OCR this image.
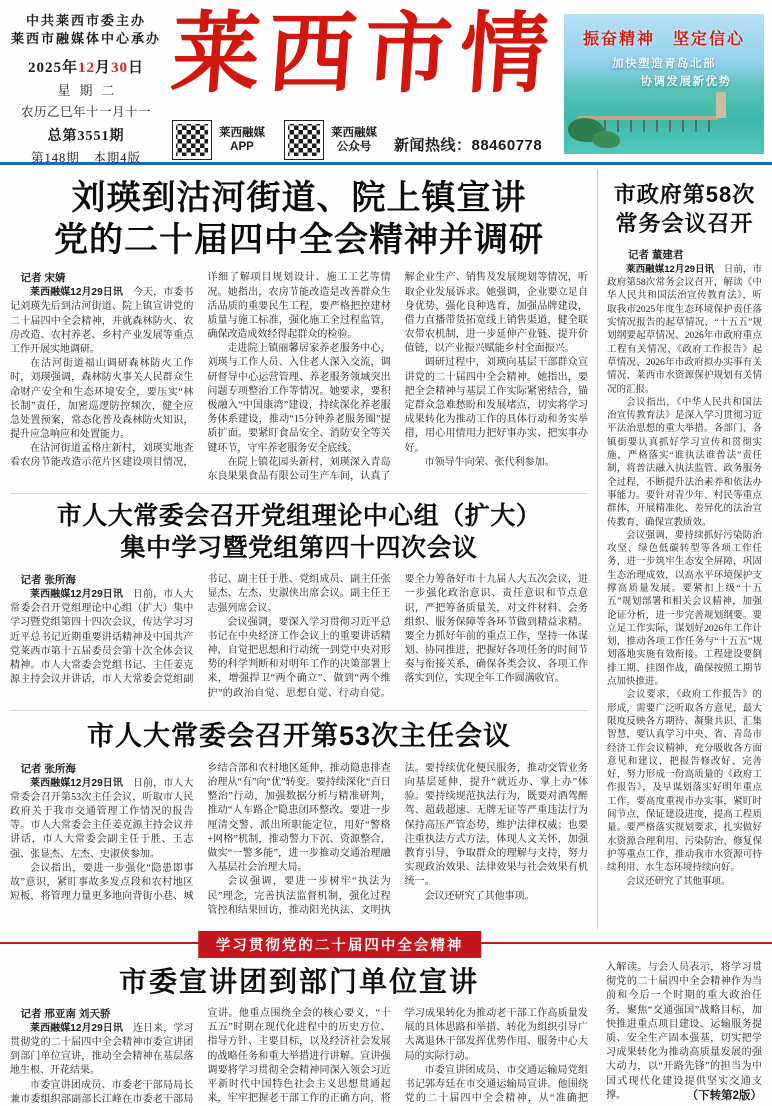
中共莱西市委主办
莱西市融媒体中心承办
2025年12月30日
星期二
农历乙巳年十一月十一
总第3551期
第148期　本期4版
莱西市情
莱西融媒
APP
莱西融媒
公众号	新闻热线：88460778
振奋精神　坚定信心
加快塑造青岛北部
协调发展新优势
刘瑛到沽河街道、院上镇宣讲
党的二十届四中全会精神并调研

记者 宋婧

莱西融媒12月29日讯　今天，市委书记刘瑛先后到沽河街道、院上镇宣讲党的二十届四中全会精神，并就森林防火、农房改造、农村养老、乡村产业发展等重点工作开展实地调研。

在沽河街道福山调研森林防火工作时，刘瑛强调，森林防火事关人民群众生命财产安全和生态环境安全，要压实“林长制”责任，加密巡逻防控频次，健全应急处置预案，常态化普及森林防火知识，提升应急响应和处置能力。

在沽河街道孟格庄新村，刘瑛实地查看农房节能改造示范片区建设项目情况，详细了解项目规划设计、施工工艺等情况。她指出，农房节能改造是改善群众生活品质的重要民生工程，要严格把控建材质量与施工标准，强化施工全过程监管，确保改造成效经得起群众的检验。

走进院上镇丽馨居家养老服务中心，刘瑛与工作人员、入住老人深入交流，调研督导中心运营管理、养老服务领域突出问题专项整治工作等情况。她要求，要积极融入“中国康湾”建设，持续深化养老服务体系建设，推动“15分钟养老服务圈”提质扩面。要紧盯食品安全、消防安全等关键环节，守牢养老服务安全底线。

在院上镇花园头新村，刘瑛深入青岛东良果果食品有限公司生产车间，认真了解企业生产、销售及发展规划等情况，听取企业发展诉求。她强调，企业要立足自身优势，强化良种选育，加强品牌建设，借力直播带货拓宽线上销售渠道，健全联农带农机制，进一步延伸产业链、提升价值链，以产业振兴赋能乡村全面振兴。

调研过程中，刘瑛向基层干部群众宣讲党的二十届四中全会精神。她指出，要把全会精神与基层工作实际紧密结合，锚定群众急难愁盼和发展堵点，切实将学习成果转化为推动工作的具体行动和务实举措，用心用情用力把好事办实、把实事办好。

市领导牛向荣、张代利参加。

市人大常委会召开党组理论中心组（扩大）
集中学习暨党组第四十四次会议

记者 张所海

莱西融媒12月29日讯　日前，市人大常委会召开党组理论中心组（扩大）集中学习暨党组第四十四次会议，传达学习习近平总书记近期重要讲话精神及中国共产党莱西市第十五届委员会第十次全体会议精神。市人大常委会党组书记、主任姜克源主持会议并讲话，市人大常委会党组副书记、副主任于胜、党组成员、副主任张显杰、左杰、史淑侠出席会议。副主任王志强列席会议。

会议强调，要深入学习贯彻习近平总书记在中央经济工作会议上的重要讲话精神，自觉把思想和行动统一到党中央对形势的科学判断和对明年工作的决策部署上来，增强捍卫“两个确立”、做到“两个维护”的政治自觉、思想自觉、行动自觉。要全力筹备好市十九届人大五次会议，进一步强化政治意识、责任意识和节点意识，严把筹备质量关，对文件材料、会务组织、服务保障等各环节做到精益求精。要全力抓好年前的重点工作，坚持一体谋划、协同推进，把握好各项任务的时间节奏与衔接关系，确保各类会议、各项工作落实到位，实现全年工作圆满收官。

市人大常委会召开第53次主任会议

记者 张所海

莱西融媒12月29日讯　日前，市人大常委会召开第53次主任会议，听取市人民政府关于我市交通管理工作情况的报告等。市人大常委会主任姜克源主持会议并讲话，市人大常委会副主任于胜、王志强、张显杰、左杰、史淑侠参加。

会议指出，要进一步强化“隐患即事故”意识，紧盯事故多发点段和农村地区短板，将管理力量更多地向背街小巷、城乡结合部和农村地区延伸，推动隐患排查治理从“有”向“优”转变。要持续深化“百日整治”行动，加强数据分析与精准研判，推动“人车路企”隐患闭环整改。要进一步厘清交警、派出所职能定位，用好“警格+网格”机制，推动警力下沉、资源整合，做实“一警多能”，进一步推动交通治理融入基层社会治理大局。

会议强调，要进一步树牢“执法为民”理念，完善执法监督机制，强化过程管控和结果回访，推动阳光执法、文明执法。要持续优化便民服务，推动交管业务向基层延伸，提升“就近办、掌上办”体验。要持续规范执法行为，既要对酒驾醉驾、超载超速、无牌无证等严重违法行为保持高压严管态势，维护法律权威；也要注重执法方式方法，体现人文关怀，加强教育引导，争取群众的理解与支持，努力实现政治效果、法律效果与社会效果有机统一。

会议还研究了其他事项。

市政府第58次
常务会议召开

记者 董建君

莱西融媒12月29日讯　日前，市政府第58次常务会议召开，解读《中华人民共和国法治宣传教育法》，听取我市2025年度生态环境保护责任落实情况报告的起草情况、“十五五”规划纲要起草情况、2026年市政府重点工程有关情况、《政府工作报告》起草情况、2026年市政府拟办实事有关情况、莱西市水资源保护规划有关情况的汇报。

会议指出，《中华人民共和国法治宣传教育法》是深入学习贯彻习近平法治思想的重大举措。各部门、各镇街要认真抓好学习宣传和贯彻实施，严格落实“谁执法谁普法”责任制，将普法融入执法监管、政务服务全过程，不断提升法治素养和依法办事能力。要针对青少年、村民等重点群体，开展精准化、差异化的法治宣传教育，确保宣教质效。

会议强调，要持续抓好污染防治攻坚、绿色低碳转型等各项工作任务，进一步筑牢生态安全屏障，巩固生态治理成效，以高水平环境保护支撑高质量发展。要紧扣上级“十五五”规划部署和相关会议精神，加强论证分析，进一步完善规划纲要。要立足工作实际，谋划好2026年工作计划，推动各项工作任务与“十五五”规划落地实施有效衔接。工程建设要倒排工期、挂图作战，确保按照工期节点加快推进。

会议要求，《政府工作报告》的形成，需要广泛听取各方意见，最大限度反映各方期待、凝聚共识、汇集智慧，要认真学习中央、省、青岛市经济工作会议精神，充分吸收各方面意见和建议，把报告修改好、完善好，努力形成一份高质量的《政府工作报告》，及早谋划落实好明年重点工作。要高度重视市办实事，紧盯时间节点，保证建设进度，提高工程质量。要严格落实规划要求，扎实做好水资源合理利用、污染防治、修复保护等重点工作，推动我市水资源可持续利用、水生态环境持续向好。

会议还研究了其他事项。

学习贯彻党的二十届四中全会精神
市委宣讲团到部门单位宣讲

记者 邢亚南 刘天骄

莱西融媒12月29日讯　连日来，学习贯彻党的二十届四中全会精神市委宣讲团到部门单位宣讲，推动全会精神在基层落地生根、开花结果。

市委宣讲团成员、市委老干部局局长兼市委组织部副部长江峰在市委老干部局宣讲。他重点围绕全会的核心要义，“十五五”时期在现代化进程中的历史方位、指导方针、主要目标，以及经济社会发展的战略任务和重大举措进行讲解。宣讲强调要将学习贯彻全会精神同深入领会习近平新时代中国特色社会主义思想贯通起来，牢牢把握老干部工作的正确方向，将学习成果转化为推动老干部工作高质量发展的具体思路和举措、转化为组织引导广大离退休干部发挥优势作用、服务中心大局的实际行动。

市委宣讲团成员、市交通运输局党组书记郭寿廷在市交通运输局宣讲。他围绕党的二十届四中全会精神，从“准确把

入解读。与会人员表示，将学习贯彻党的二十届四中全会精神作为当前和今后一个时期的重大政治任务，聚焦“交通强国”战略目标，加快推进重点项目建设、运输服务提质、安全生产固本强基，切实把学习成果转化为推动高质量发展的强大动力，以“开路先锋”的担当为中国式现代化建设提供坚实交通支撑。	（下转第2版）
